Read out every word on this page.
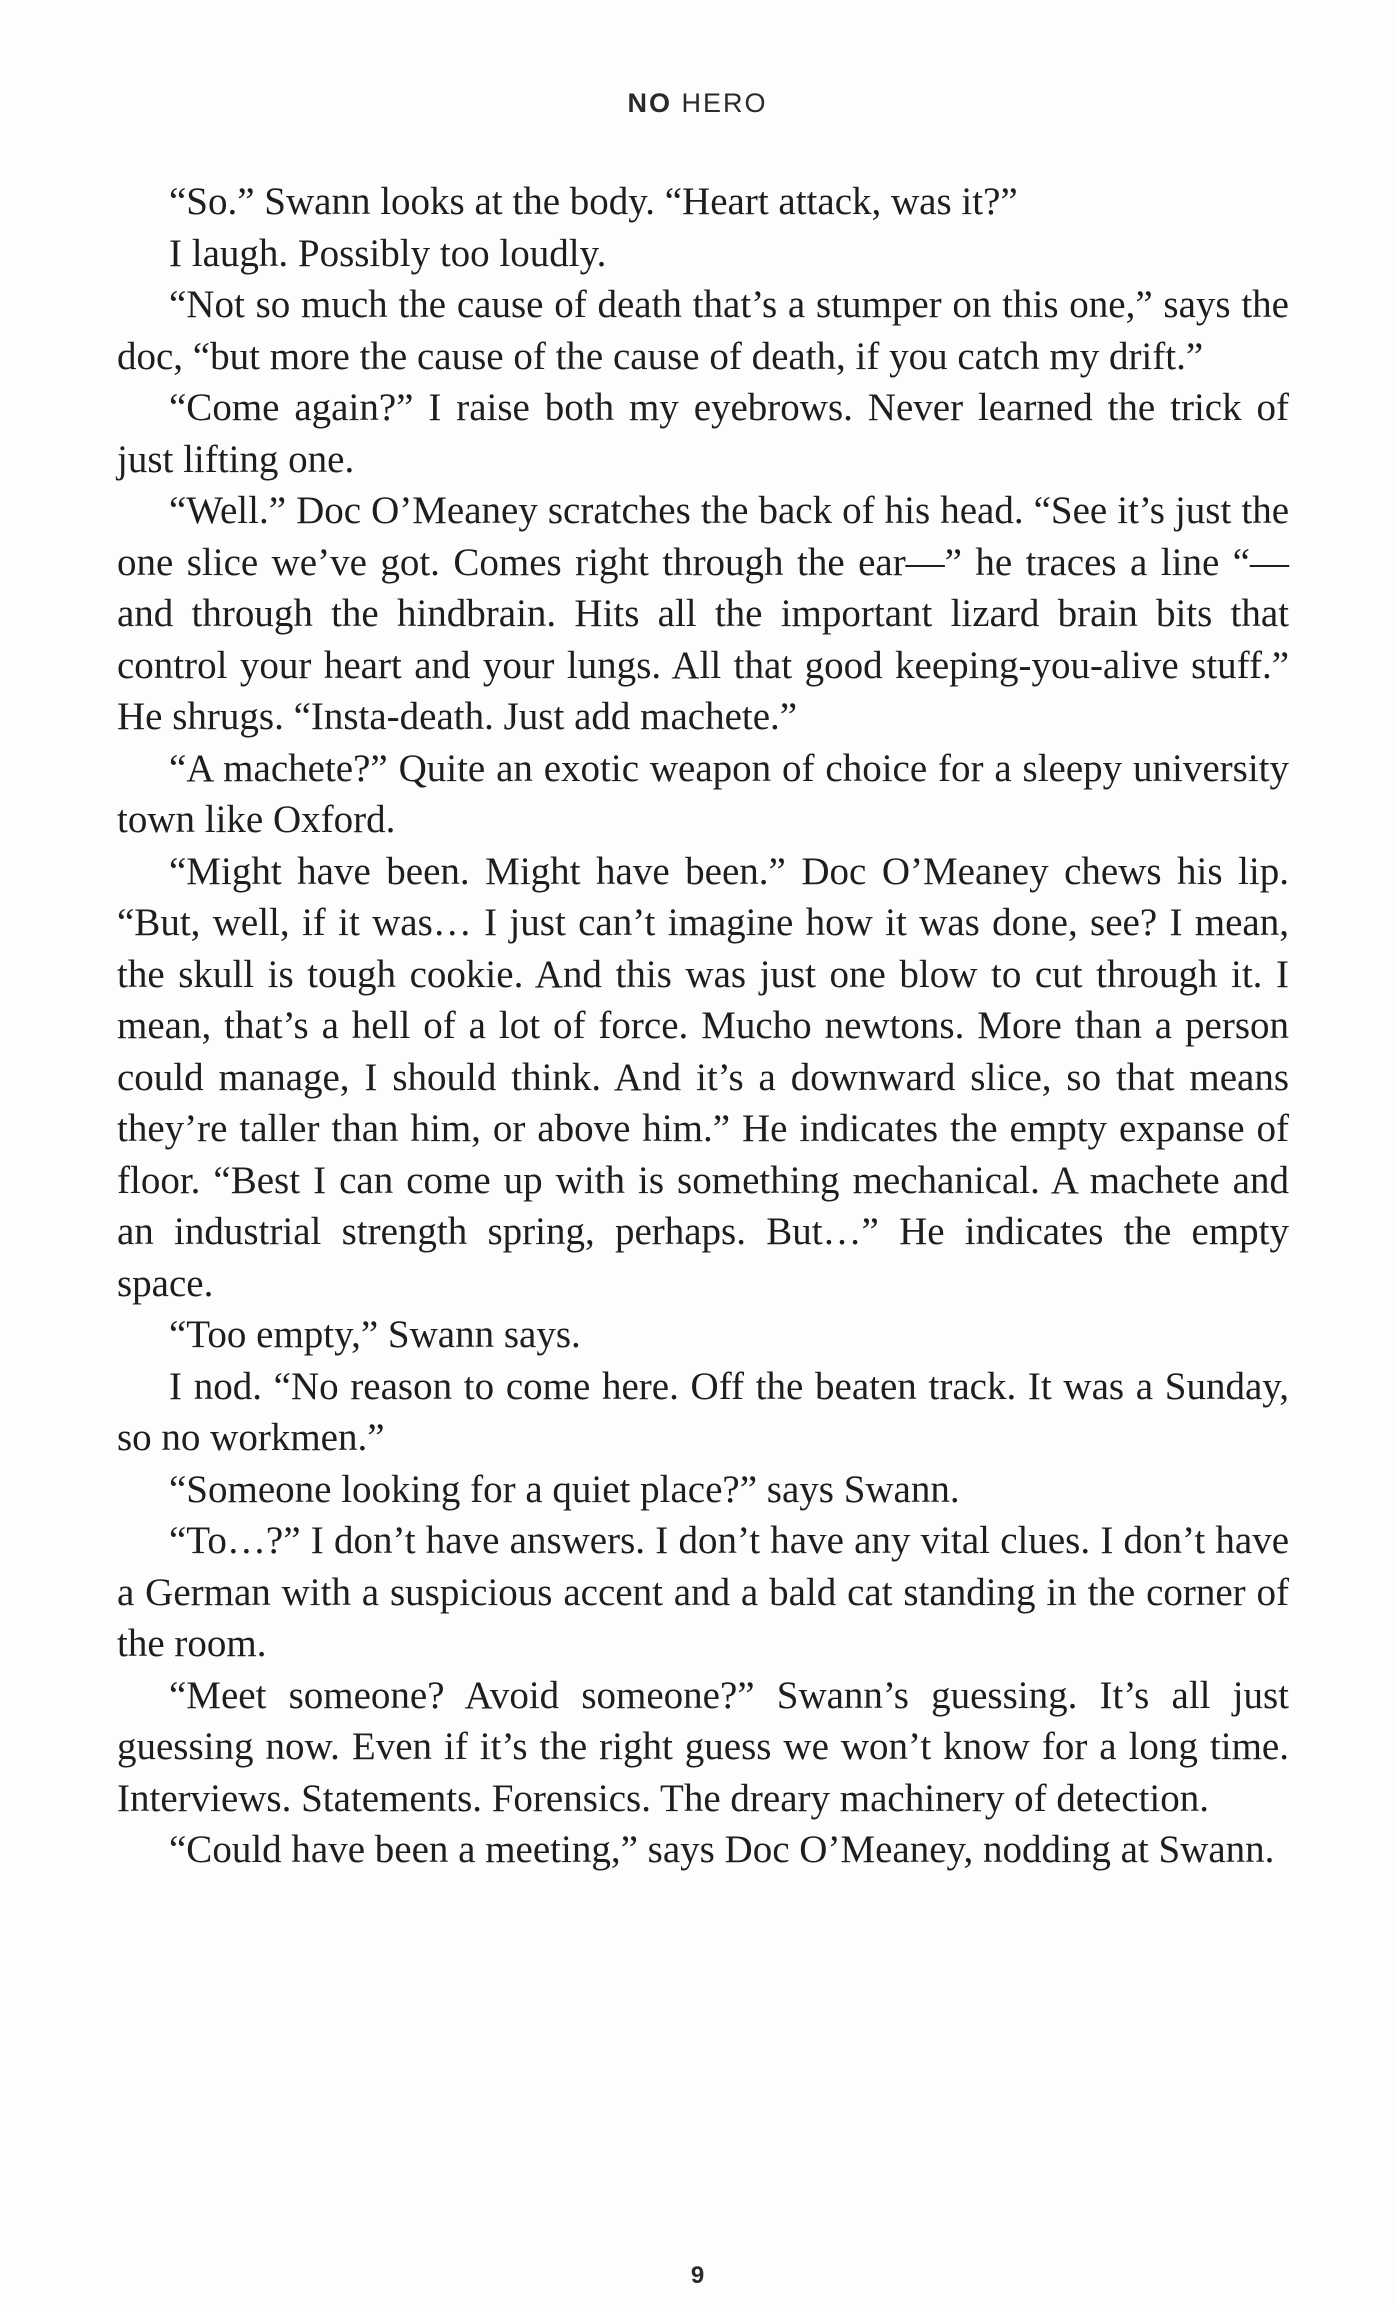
NO HERO

“So.” Swann looks at the body. “Heart attack, was it?”

I laugh. Possibly too loudly.

“Not so much the cause of death that’s a stumper on this one,” says the doc, “but more the cause of the cause of death, if you catch my drift.”

“Come again?” I raise both my eyebrows. Never learned the trick of just lifting one.

“Well.” Doc O’Meaney scratches the back of his head. “See it’s just the one slice we’ve got. Comes right through the ear—” he traces a line “—and through the hindbrain. Hits all the important lizard brain bits that control your heart and your lungs. All that good keeping-you-alive stuff.” He shrugs. “Insta-death. Just add machete.”

“A machete?” Quite an exotic weapon of choice for a sleepy university town like Oxford.

“Might have been. Might have been.” Doc O’Meaney chews his lip. “But, well, if it was… I just can’t imagine how it was done, see? I mean, the skull is tough cookie. And this was just one blow to cut through it. I mean, that’s a hell of a lot of force. Mucho newtons. More than a person could manage, I should think. And it’s a downward slice, so that means they’re taller than him, or above him.” He indicates the empty expanse of floor. “Best I can come up with is something mechanical. A machete and an industrial strength spring, perhaps. But…” He indicates the empty space.

“Too empty,” Swann says.

I nod. “No reason to come here. Off the beaten track. It was a Sunday, so no workmen.”

“Someone looking for a quiet place?” says Swann.

“To…?” I don’t have answers. I don’t have any vital clues. I don’t have a German with a suspicious accent and a bald cat standing in the corner of the room.

“Meet someone? Avoid someone?” Swann’s guessing. It’s all just guessing now. Even if it’s the right guess we won’t know for a long time. Interviews. Statements. Forensics. The dreary machinery of detection.

“Could have been a meeting,” says Doc O’Meaney, nodding at Swann.

9
